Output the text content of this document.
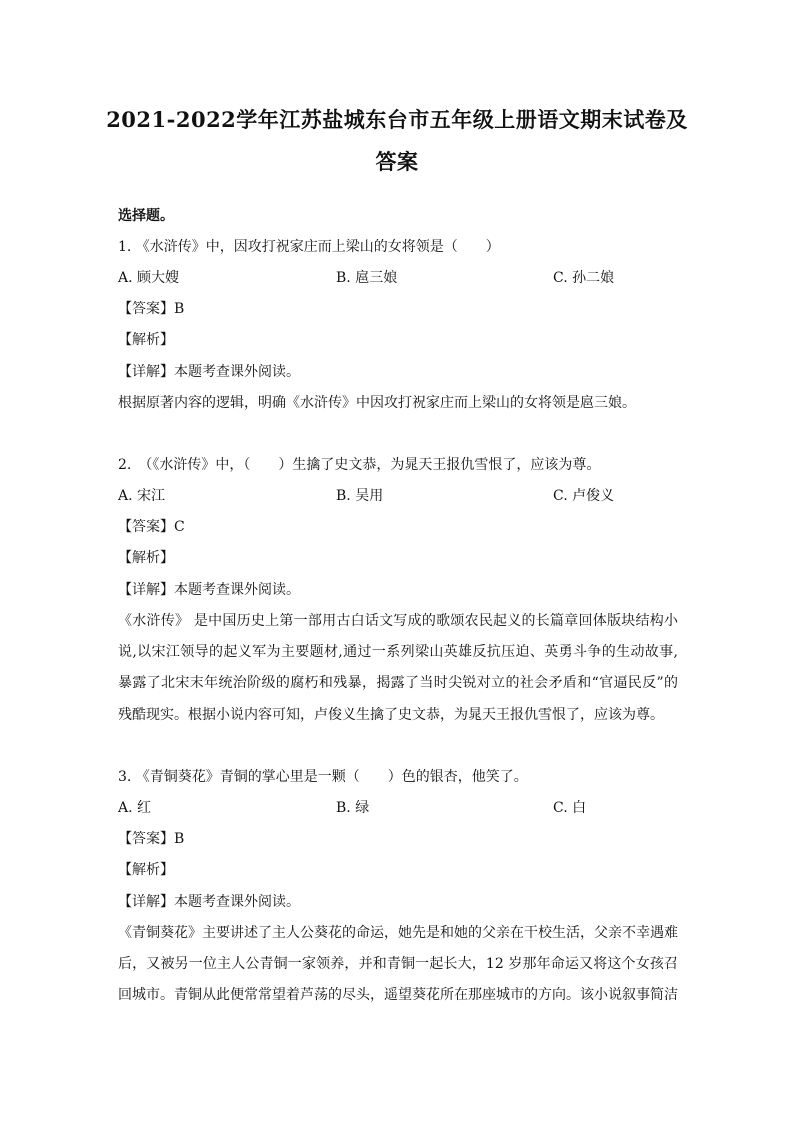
2021-2022学年江苏盐城东台市五年级上册语文期末试卷及
答案
选择题。
1. 《水浒传》中，因攻打祝家庄而上梁山的女将领是（　　）
A. 顾大嫂	B. 扈三娘	C. 孙二娘
【答案】B
【解析】
【详解】本题考查课外阅读。
根据原著内容的逻辑，明确《水浒传》中因攻打祝家庄而上梁山的女将领是扈三娘。
2.　（《水浒传》中，（　　）生擒了史文恭，为晁天王报仇雪恨了，应该为尊。
A. 宋江	B. 吴用	C. 卢俊义
【答案】C
【解析】
【详解】本题考查课外阅读。
《水浒传》 是中国历史上第一部用古白话文写成的歌颂农民起义的长篇章回体版块结构小
说,以宋江领导的起义军为主要题材,通过一系列梁山英雄反抗压迫、英勇斗争的生动故事,
暴露了北宋末年统治阶级的腐朽和残暴，揭露了当时尖锐对立的社会矛盾和“官逼民反”的
残酷现实。根据小说内容可知，卢俊义生擒了史文恭，为晁天王报仇雪恨了，应该为尊。
3. 《青铜葵花》青铜的掌心里是一颗（　　）色的银杏，他笑了。
A. 红	B. 绿	C. 白
【答案】B
【解析】
【详解】本题考查课外阅读。
《青铜葵花》主要讲述了主人公葵花的命运，她先是和她的父亲在干校生活，父亲不幸遇难
后，又被另一位主人公青铜一家领养，并和青铜一起长大，12 岁那年命运又将这个女孩召
回城市。青铜从此便常常望着芦荡的尽头，遥望葵花所在那座城市的方向。该小说叙事简洁
